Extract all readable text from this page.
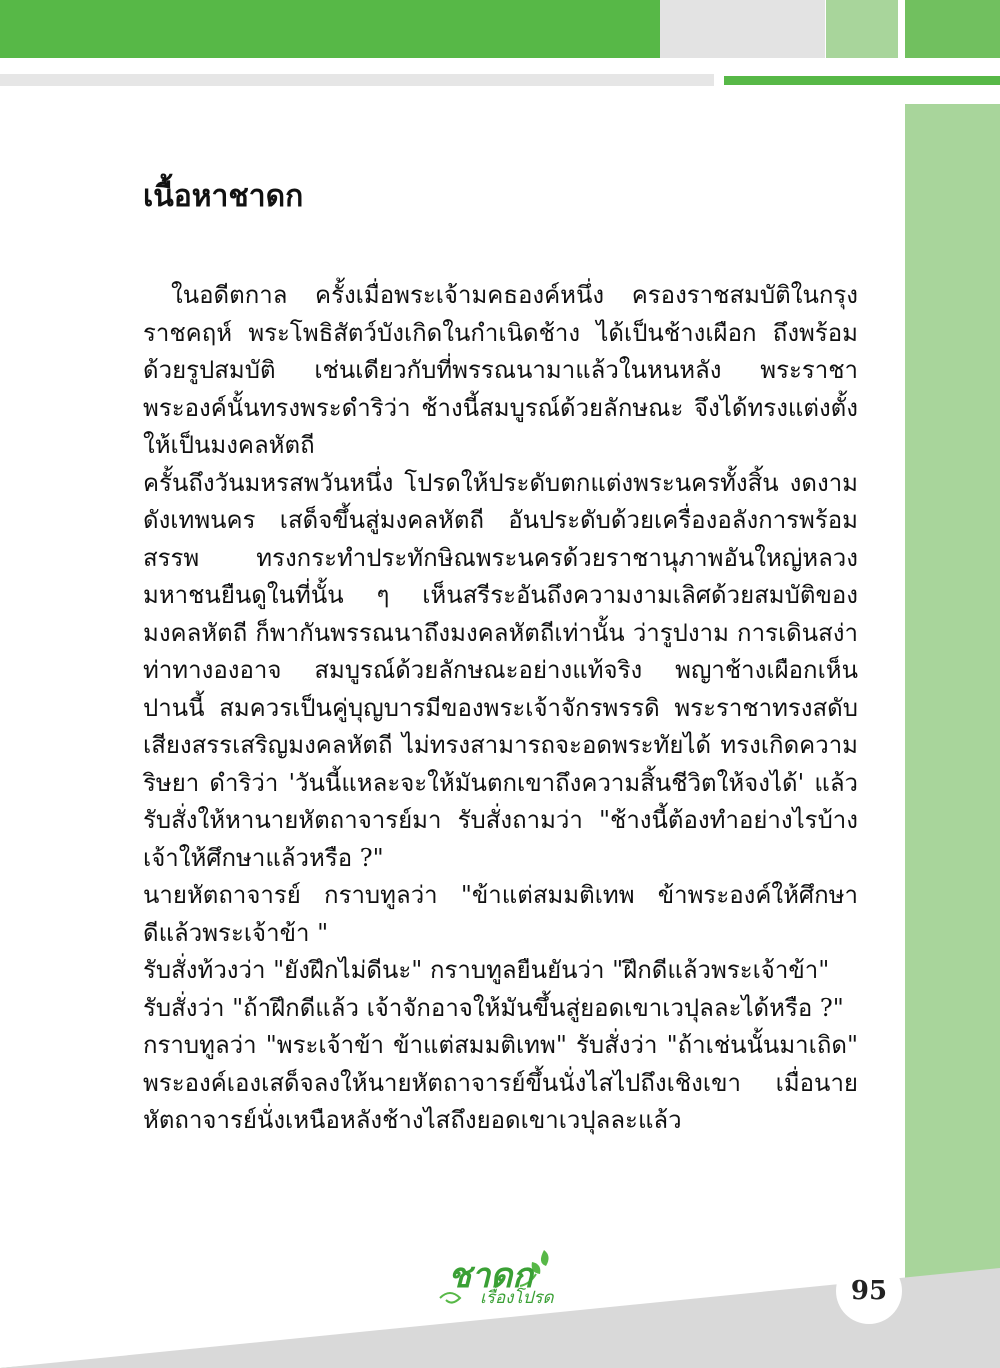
เนื้อหาชาดก

ในอดีตกาล ครั้งเมื่อพระเจ้ามคธองค์หนึ่ง ครองราชสมบัติในกรุงราชคฤห์ พระโพธิสัตว์บังเกิดในกำเนิดช้าง ได้เป็นช้างเผือก ถึงพร้อมด้วยรูปสมบัติ เช่นเดียวกับที่พรรณนามาแล้วในหนหลัง พระราชาพระองค์นั้นทรงพระดำริว่า ช้างนี้สมบูรณ์ด้วยลักษณะ จึงได้ทรงแต่งตั้งให้เป็นมงคลหัตถี

ครั้นถึงวันมหรสพวันหนึ่ง โปรดให้ประดับตกแต่งพระนครทั้งสิ้น งดงามดังเทพนคร เสด็จขึ้นสู่มงคลหัตถี อันประดับด้วยเครื่องอลังการพร้อมสรรพ ทรงกระทำประทักษิณพระนครด้วยราชานุภาพอันใหญ่หลวง มหาชนยืนดูในที่นั้น ๆ เห็นสรีระอันถึงความงามเลิศด้วยสมบัติของมงคลหัตถี ก็พากันพรรณนาถึงมงคลหัตถีเท่านั้น ว่ารูปงาม การเดินสง่า ท่าทางองอาจ สมบูรณ์ด้วยลักษณะอย่างแท้จริง พญาช้างเผือกเห็นปานนี้ สมควรเป็นคู่บุญบารมีของพระเจ้าจักรพรรดิ พระราชาทรงสดับเสียงสรรเสริญมงคลหัตถี ไม่ทรงสามารถจะอดพระทัยได้ ทรงเกิดความริษยา ดำริว่า 'วันนี้แหละจะให้มันตกเขาถึงความสิ้นชีวิตให้จงได้' แล้วรับสั่งให้หานายหัตถาจารย์มา รับสั่งถามว่า "ช้างนี้ต้องทำอย่างไรบ้าง เจ้าให้ศึกษาแล้วหรือ ?"

นายหัตถาจารย์ กราบทูลว่า "ข้าแต่สมมติเทพ ข้าพระองค์ให้ศึกษาดีแล้วพระเจ้าข้า "

รับสั่งท้วงว่า "ยังฝึกไม่ดีนะ" กราบทูลยืนยันว่า "ฝึกดีแล้วพระเจ้าข้า"

รับสั่งว่า "ถ้าฝึกดีแล้ว เจ้าจักอาจให้มันขึ้นสู่ยอดเขาเวปุลละได้หรือ ?"

กราบทูลว่า "พระเจ้าข้า ข้าแต่สมมติเทพ" รับสั่งว่า "ถ้าเช่นนั้นมาเถิด" พระองค์เองเสด็จลงให้นายหัตถาจารย์ขึ้นนั่งไสไปถึงเชิงเขา เมื่อนายหัตถาจารย์นั่งเหนือหลังช้างไสถึงยอดเขาเวปุลละแล้ว

ชาดก
เรื่องโปรด	95
